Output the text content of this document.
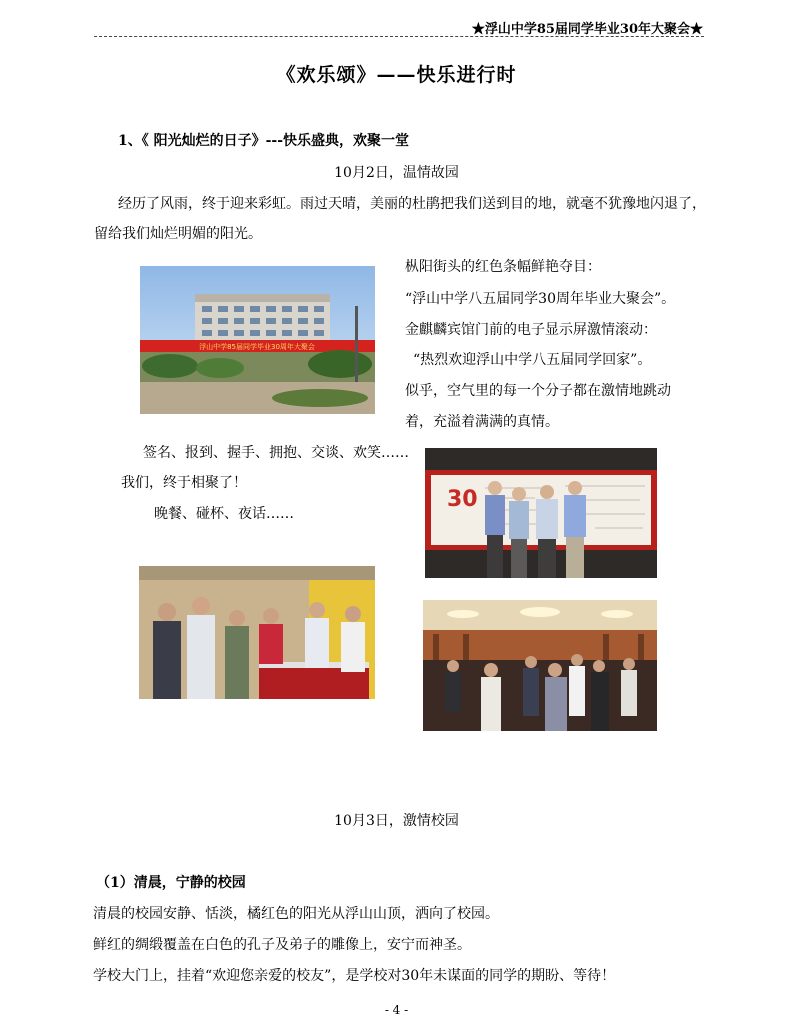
★浮山中学85届同学毕业30年大聚会★
《欢乐颂》——快乐进行时
1、《 阳光灿烂的日子》---快乐盛典，欢聚一堂
10月2日，温情故园
经历了风雨，终于迎来彩虹。雨过天晴，美丽的杜鹃把我们送到目的地，就毫不犹豫地闪退了，
留给我们灿烂明媚的阳光。
浮山中学85届同学毕业30周年大聚会
枞阳街头的红色条幅鲜艳夺目：
“浮山中学八五届同学30周年毕业大聚会”。
金麒麟宾馆门前的电子显示屏激情滚动：
“热烈欢迎浮山中学八五届同学回家”。
似乎，空气里的每一个分子都在激情地跳动
着，充溢着满满的真情。
签名、报到、握手、拥抱、交谈、欢笑……
我们，终于相聚了！
晚餐、碰杯、夜话……
30
10月3日，激情校园
（1）清晨，宁静的校园
清晨的校园安静、恬淡，橘红色的阳光从浮山山顶，洒向了校园。
鲜红的绸缎覆盖在白色的孔子及弟子的雕像上，安宁而神圣。
学校大门上，挂着“欢迎您亲爱的校友”，是学校对30年未谋面的同学的期盼、等待！
- 4 -
